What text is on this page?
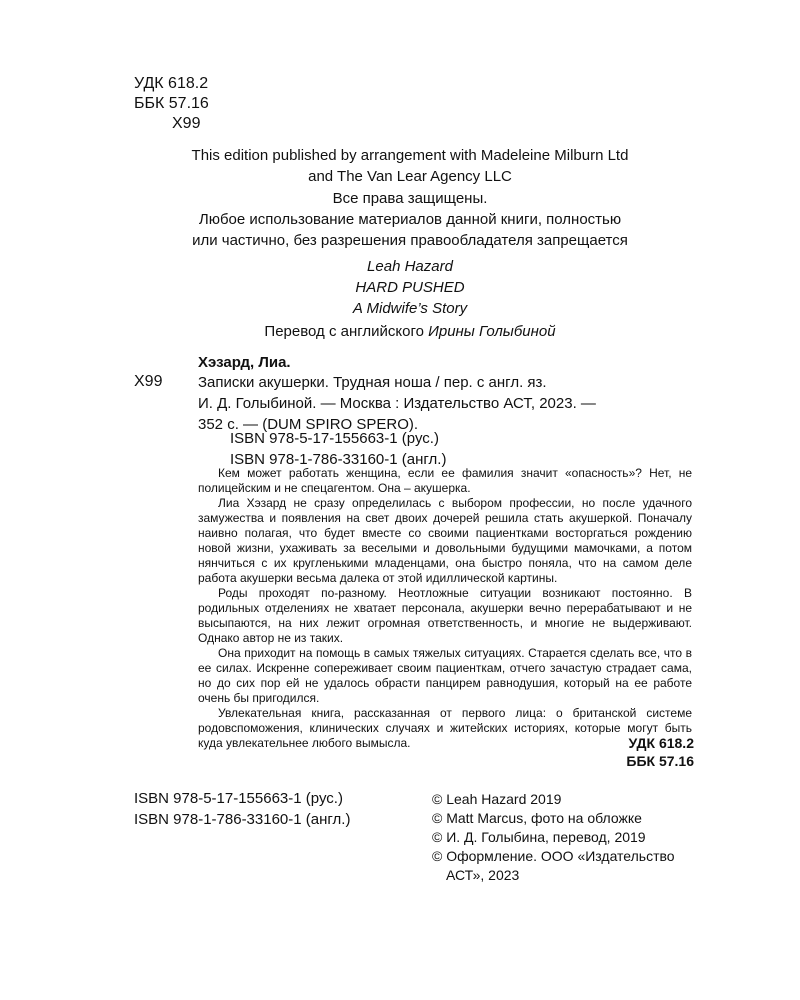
УДК 618.2
ББК 57.16
Х99
This edition published by arrangement with Madeleine Milburn Ltd
and The Van Lear Agency LLC
Все права защищены.
Любое использование материалов данной книги, полностью
или частично, без разрешения правообладателя запрещается
Leah Hazard
HARD PUSHED
A Midwife’s Story
Перевод с английского Ирины Голыбиной
Хэзард, Лиа.
Х99 Записки акушерки. Трудная ноша / пер. с англ. яз.
И. Д. Голыбиной. — Москва : Издательство АСТ, 2023. —
352 с. — (DUM SPIRO SPERO).
ISBN 978-5-17-155663-1 (рус.)
ISBN 978-1-786-33160-1 (англ.)

Кем может работать женщина, если ее фамилия значит «опасность»? Нет, не полицейским и не спецагентом. Она – акушерка.

Лиа Хэзард не сразу определилась с выбором профессии, но после удачного замужества и появления на свет двоих дочерей решила стать акушеркой. Поначалу наивно полагая, что будет вместе со своими пациентками восторгаться рождению новой жизни, ухаживать за веселыми и довольными будущими мамочками, а потом нянчиться с их кругленькими младенцами, она быстро поняла, что на самом деле работа акушерки весьма далека от этой идиллической картины.

Роды проходят по-разному. Неотложные ситуации возникают постоянно. В родильных отделениях не хватает персонала, акушерки вечно перерабатывают и не высыпаются, на них лежит огромная ответственность, и многие не выдерживают. Однако автор не из таких.

Она приходит на помощь в самых тяжелых ситуациях. Старается сделать все, что в ее силах. Искренне сопереживает своим пациенткам, отчего зачастую страдает сама, но до сих пор ей не удалось обрасти панцирем равнодушия, который на ее работе очень бы пригодился.

Увлекательная книга, рассказанная от первого лица: о британской системе родовспоможения, клинических случаях и житейских историях, которые могут быть куда увлекательнее любого вымысла.	УДК 618.2
ББК 57.16
ISBN 978-5-17-155663-1 (рус.)
ISBN 978-1-786-33160-1 (англ.)
© Leah Hazard 2019
© Matt Marcus, фото на обложке
© И. Д. Голыбина, перевод, 2019
© Оформление. ООО «Издательство
АСТ», 2023
